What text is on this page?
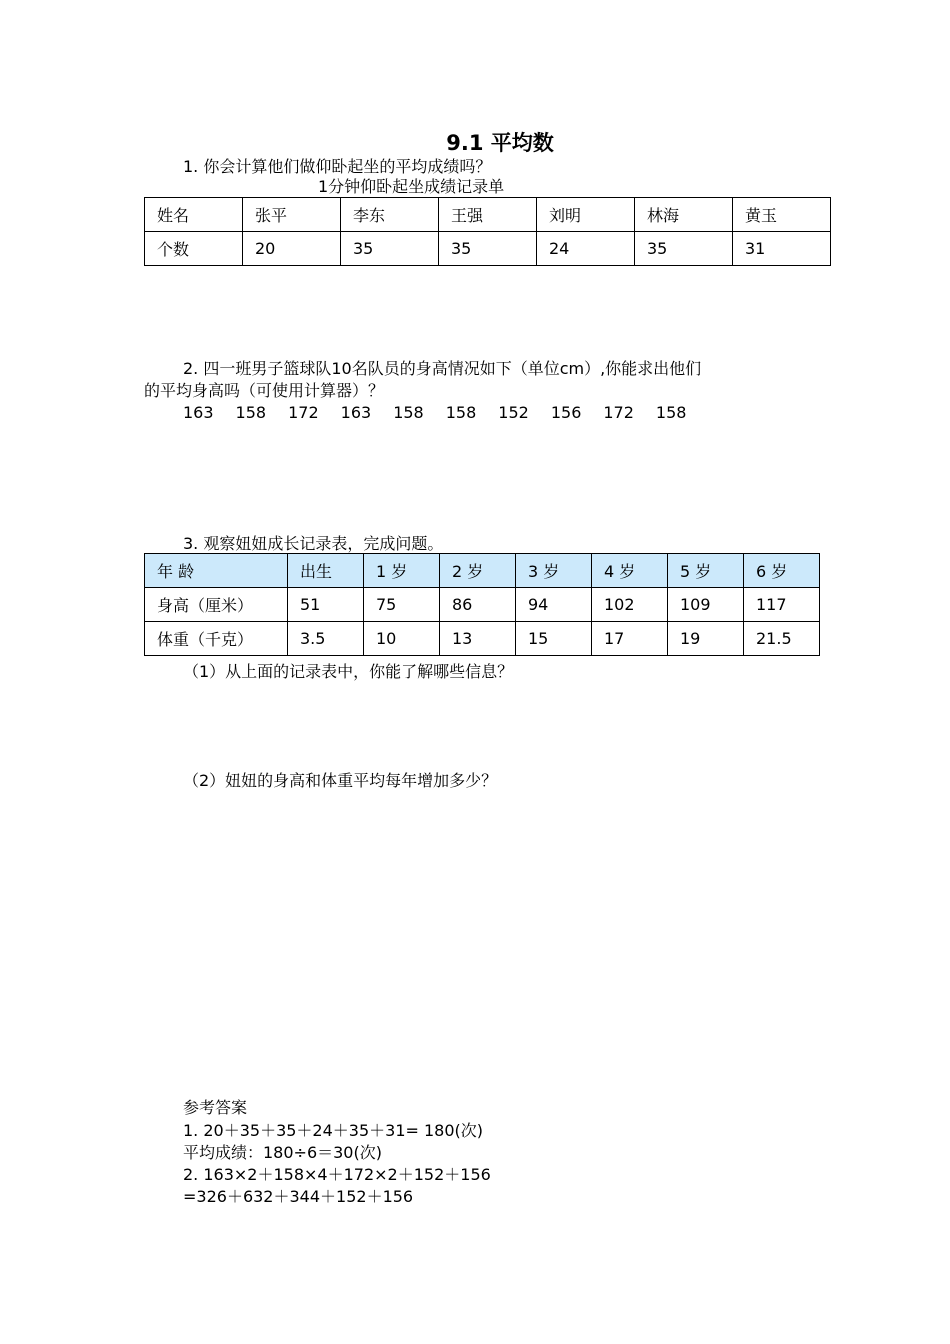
9.1 平均数
1. 你会计算他们做仰卧起坐的平均成绩吗？
1分钟仰卧起坐成绩记录单
姓名	张平	李东	王强	刘明	林海	黄玉
个数	20	35	35	24	35	31
2. 四一班男子篮球队10名队员的身高情况如下（单位cm）,你能求出他们
的平均身高吗（可使用计算器）？
163 158 172 163 158 158 152 156 172 158
3. 观察妞妞成长记录表，完成问题。
年 龄	出生	1 岁	2 岁	3 岁	4 岁	5 岁	6 岁
身高（厘米）	51	75	86	94	102	109	117
体重（千克）	3.5	10	13	15	17	19	21.5
（1）从上面的记录表中，你能了解哪些信息？
（2）妞妞的身高和体重平均每年增加多少？
参考答案
1. 20＋35＋35＋24＋35＋31= 180(次)
平均成绩：180÷6＝30(次)
2. 163×2＋158×4＋172×2＋152＋156
=326＋632＋344＋152＋156
